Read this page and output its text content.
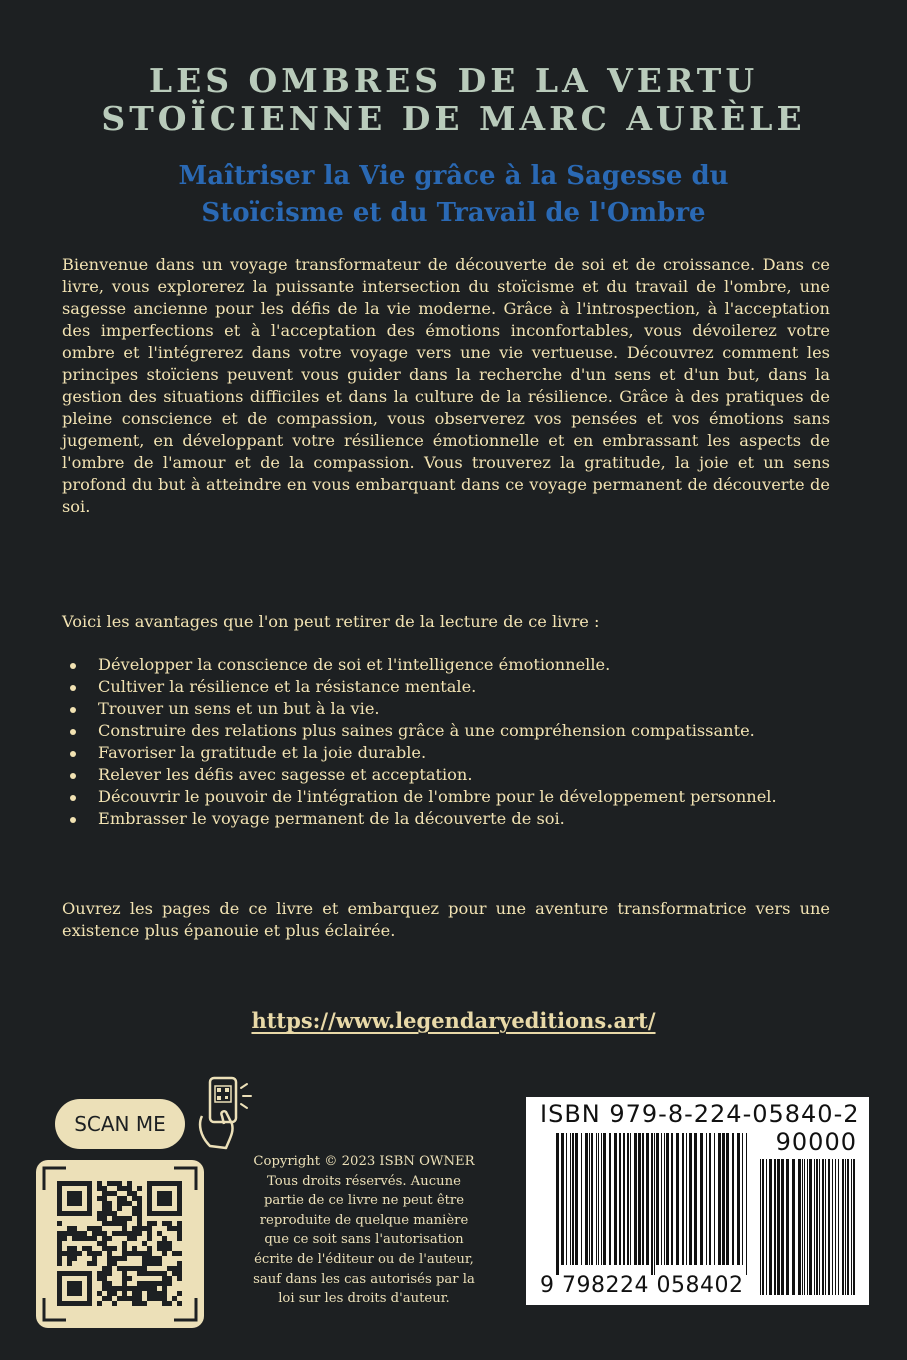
LES OMBRES DE LA VERTU
STOÏCIENNE DE MARC AURÈLE
Maîtriser la Vie grâce à la Sagesse du
Stoïcisme et du Travail de l'Ombre

Bienvenue dans un voyage transformateur de découverte de soi et de croissance. Dans ce livre, vous explorerez la puissante intersection du stoïcisme et du travail de l'ombre, une sagesse ancienne pour les défis de la vie moderne. Grâce à l'introspection, à l'acceptation des imperfections et à l'acceptation des émotions inconfortables, vous dévoilerez votre ombre et l'intégrerez dans votre voyage vers une vie vertueuse. Découvrez comment les principes stoïciens peuvent vous guider dans la recherche d'un sens et d'un but, dans la gestion des situations difficiles et dans la culture de la résilience. Grâce à des pratiques de pleine conscience et de compassion, vous observerez vos pensées et vos émotions sans jugement, en développant votre résilience émotionnelle et en embrassant les aspects de l'ombre de l'amour et de la compassion. Vous trouverez la gratitude, la joie et un sens profond du but à atteindre en vous embarquant dans ce voyage permanent de découverte de soi.

Voici les avantages que l'on peut retirer de la lecture de ce livre :

Développer la conscience de soi et l'intelligence émotionnelle.
Cultiver la résilience et la résistance mentale.
Trouver un sens et un but à la vie.
Construire des relations plus saines grâce à une compréhension compatissante.
Favoriser la gratitude et la joie durable.
Relever les défis avec sagesse et acceptation.
Découvrir le pouvoir de l'intégration de l'ombre pour le développement personnel.
Embrasser le voyage permanent de la découverte de soi.

Ouvrez les pages de ce livre et embarquez pour une aventure transformatrice vers une existence plus épanouie et plus éclairée.

https://www.legendaryeditions.art/
SCAN ME

Copyright © 2023 ISBN OWNER Tous droits réservés. Aucune partie de ce livre ne peut être reproduite de quelque manière que ce soit sans l'autorisation écrite de l'éditeur ou de l'auteur, sauf dans les cas autorisés par la loi sur les droits d'auteur.

ISBN 979-8-224-05840-2

90000

9 798224 058402
